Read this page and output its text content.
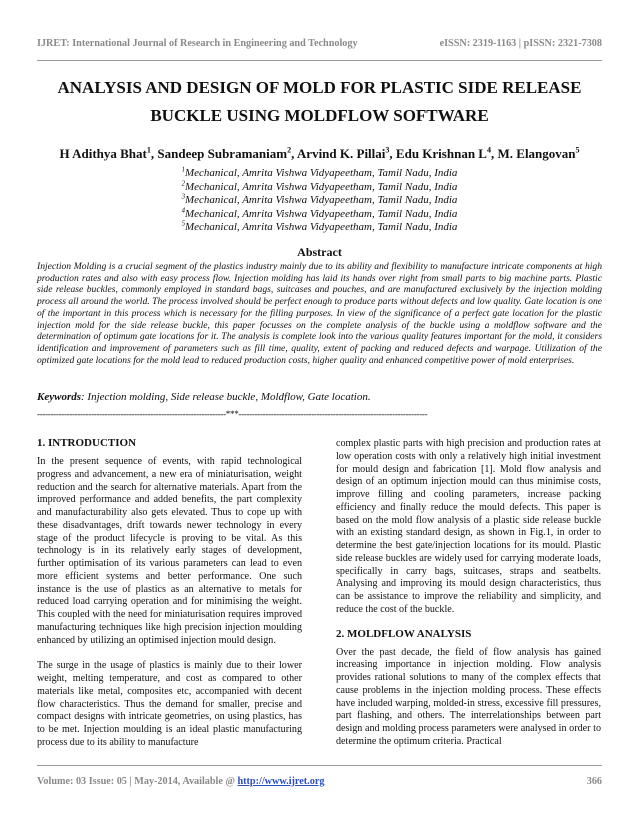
IJRET: International Journal of Research in Engineering and Technology	eISSN: 2319-1163 | pISSN: 2321-7308
ANALYSIS AND DESIGN OF MOLD FOR PLASTIC SIDE RELEASE
BUCKLE USING MOLDFLOW SOFTWARE
H Adithya Bhat$^1$, Sandeep Subramaniam$^2$, Arvind K. Pillai$^3$, Edu Krishnan $L^4$, M. Elangovan$^5$
$^1$Mechanical, Amrita Vishwa Vidyapeetham, Tamil Nadu, India
$^2$Mechanical, Amrita Vishwa Vidyapeetham, Tamil Nadu, India
$^3$Mechanical, Amrita Vishwa Vidyapeetham, Tamil Nadu, India
$^4$Mechanical, Amrita Vishwa Vidyapeetham, Tamil Nadu, India
$^5$Mechanical, Amrita Vishwa Vidyapeetham, Tamil Nadu, India
Abstract
Injection Molding is a crucial segment of the plastics industry mainly due to its ability and flexibility to manufacture intricate components at high production rates and also with easy process flow. Injection molding has laid its hands over right from small parts to big machine parts. Plastic side release buckles, commonly employed in standard bags, suitcases and pouches, and are manufactured exclusively by the injection molding process all around the world. The process involved should be perfect enough to produce parts without defects and low quality. Gate location is one of the important in this process which is necessary for the filling purposes. In view of the significance of a perfect gate location for the plastic injection mold for the side release buckle, this paper focusses on the complete analysis of the buckle using a moldflow software and the determination of optimum gate locations for it. The analysis is complete look into the various quality features important for the mold, it considers identification and improvement of parameters such as fill time, quality, extent of packing and reduced defects and warpage. Utilization of the optimized gate locations for the mold lead to reduced production costs, higher quality and enhanced competitive power of mold enterprises.
Keywords: Injection molding, Side release buckle, Moldflow, Gate location.
----------------------------------------------------------------------***----------------------------------------------------------------------
1. INTRODUCTION

In the present sequence of events, with rapid technological progress and advancement, a new era of miniaturisation, weight reduction and the search for alternative materials. Apart from the improved performance and added benefits, the part complexity and manufacturability also gets elevated. Thus to cope up with these disadvantages, drift towards newer technology in every stage of the product lifecycle is proving to be vital. As this technology is in its relatively early stages of development, further optimisation of its various parameters can lead to even more efficient systems and better performance. One such instance is the use of plastics as an alternative to metals for reduced load carrying operation and for minimising the weight. This coupled with the need for miniaturisation requires improved manufacturing techniques like high precision injection moulding enhanced by utilizing an optimised injection mould design.

The surge in the usage of plastics is mainly due to their lower weight, melting temperature, and cost as compared to other materials like metal, composites etc, accompanied with decent flow characteristics. Thus the demand for smaller, precise and compact designs with intricate geometries, on using plastics, has to be met. Injection moulding is an ideal plastic manufacturing process due to its ability to manufacture

complex plastic parts with high precision and production rates at low operation costs with only a relatively high initial investment for mould design and fabrication [1]. Mold flow analysis and design of an optimum injection mould can thus minimise costs, improve filling and cooling parameters, increase packing efficiency and finally reduce the mould defects. This paper is based on the mold flow analysis of a plastic side release buckle with an existing standard design, as shown in Fig.1, in order to determine the best gate/injection locations for its mould. Plastic side release buckles are widely used for carrying moderate loads, specifically in carry bags, suitcases, straps and seatbelts. Analysing and improving its mould design characteristics, thus can be assistance to improve the reliability and simplicity, and reduce the cost of the buckle.

2. MOLDFLOW ANALYSIS

Over the past decade, the field of flow analysis has gained increasing importance in injection molding. Flow analysis provides rational solutions to many of the complex effects that cause problems in the injection molding process. These effects have included warping, molded-in stress, excessive fill pressures, part flashing, and others. The interrelationships between part design and molding process parameters were analysed in order to determine the optimum criteria. Practical

Volume: 03 Issue: 05 | May-2014, Available @ http://www.ijret.org	366
